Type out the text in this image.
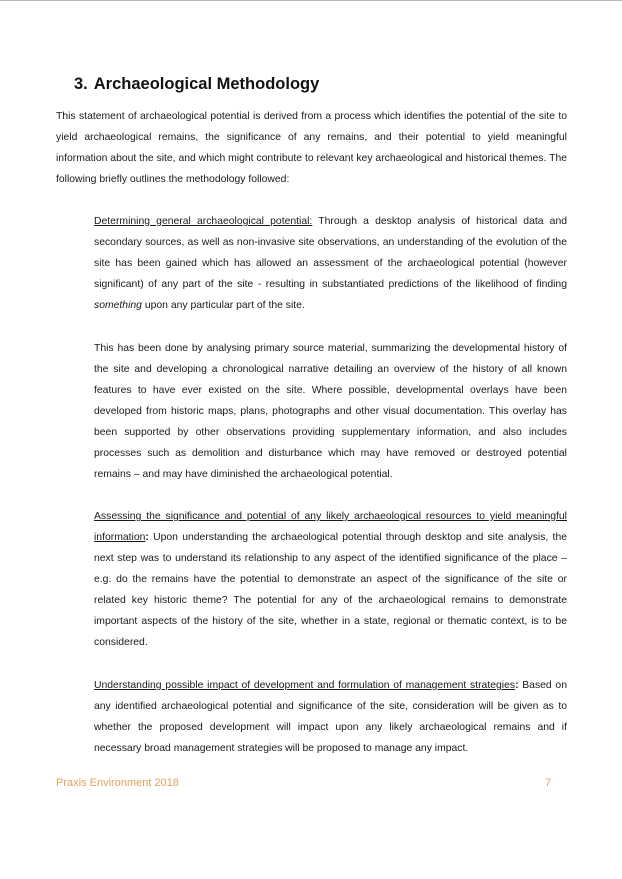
3. Archaeological Methodology

This statement of archaeological potential is derived from a process which identifies the potential of the site to yield archaeological remains, the significance of any remains, and their potential to yield meaningful information about the site, and which might contribute to relevant key archaeological and historical themes. The following briefly outlines the methodology followed:

Determining general archaeological potential: Through a desktop analysis of historical data and secondary sources, as well as non-invasive site observations, an understanding of the evolution of the site has been gained which has allowed an assessment of the archaeological potential (however significant) of any part of the site - resulting in substantiated predictions of the likelihood of finding something upon any particular part of the site.

This has been done by analysing primary source material, summarizing the developmental history of the site and developing a chronological narrative detailing an overview of the history of all known features to have ever existed on the site. Where possible, developmental overlays have been developed from historic maps, plans, photographs and other visual documentation. This overlay has been supported by other observations providing supplementary information, and also includes processes such as demolition and disturbance which may have removed or destroyed potential remains – and may have diminished the archaeological potential.

Assessing the significance and potential of any likely archaeological resources to yield meaningful information: Upon understanding the archaeological potential through desktop and site analysis, the next step was to understand its relationship to any aspect of the identified significance of the place – e.g. do the remains have the potential to demonstrate an aspect of the significance of the site or related key historic theme? The potential for any of the archaeological remains to demonstrate important aspects of the history of the site, whether in a state, regional or thematic context, is to be considered.

Understanding possible impact of development and formulation of management strategies: Based on any identified archaeological potential and significance of the site, consideration will be given as to whether the proposed development will impact upon any likely archaeological remains and if necessary broad management strategies will be proposed to manage any impact.

Praxis Environment 2018	7
